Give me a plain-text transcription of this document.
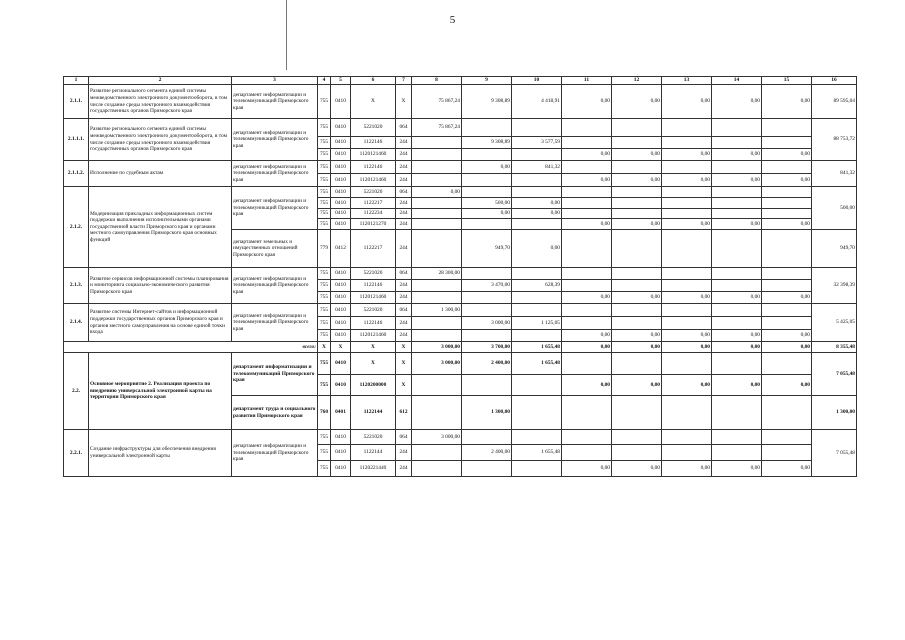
5
1	2	3	4	5	6	7	8	9	10	11	12	13	14	15	16
2.1.1.	Развитие регионального сегмента единой системы межведомственного электронного документооборота, в том числе создание среды электронного взаимодействия государственных органов Приморского края	департамент информатизации и телекоммуникаций Приморского края	755	0410	X	X	75 867,24	9 308,89	4 418,91	0,00	0,00	0,00	0,00	0,00	89 595,04
2.1.1.1.	Развитие регионального сегмента единой системы межведомственного электронного документооборота, в том числе создание среды электронного взаимодействия государственных органов Приморского края	департамент информатизации и телекоммуникаций Приморского края	755	0410	5221020	064	75 867,24								88 753,72
			755	0410	1122146	244		9 308,89	3 577,59						
			755	0410	1120121460	244				0,00	0,00	0,00	0,00	0,00	
2.1.1.2.	Исполнение по судебным актам	департамент информатизации и телекоммуникаций Приморского края	755	0410	1122146	244		0,00	841,32						841,32
			755	0410	1120121460	244				0,00	0,00	0,00	0,00	0,00	
2.1.2.	Модернизация прикладных информационных систем поддержки выполнения исполнительными органами государственной власти Приморского края и органами местного самоуправления Приморского края основных функций	департамент информатизации и телекоммуникаций Приморского края	755	0410	5221020	064	0,00								500,00
			755	0410	1122217	244		500,00	0,00						
			755	0410	1122234	244		0,00	0,00						
			755	0410	1120121270	244				0,00	0,00	0,00	0,00	0,00	
		департамент земельных и имущественных отношений Приморского края	779	0412	1122217	244		949,70	0,00						949,70
2.1.3.	Развитие сервисов информационной системы планирования и мониторинга социально-экономического развития Приморского края	департамент информатизации и телекоммуникаций Приморского края	755	0410	5221020	064	28 300,00								32 398,39
			755	0410	1122146	244		3 470,00	628,39						
			755	0410	1120121460	244				0,00	0,00	0,00	0,00	0,00	
2.1.4.	Развитие системы Интернет-сайтов и информационной поддержки государственных органов Приморского края и органов местного самоуправления на основе единой точки входа	департамент информатизации и телекоммуникаций Приморского края	755	0410	5221020	064	1 300,00								5 425,05
			755	0410	1122146	244		3 000,00	1 125,05						
			755	0410	1120121460	244				0,00	0,00	0,00	0,00	0,00	
всего:			X	X	X	X	3 000,00	3 700,00	1 655,48	0,00	0,00	0,00	0,00	0,00	8 355,48
2.2.	Основное мероприятие 2. Реализация проекта по внедрению универсальной электронной карты на территории Приморского края	департамент информатизации и телекоммуникаций Приморского края	755	0410	X	X	3 000,00	2 400,00	1 655,48						7 055,48
			755	0410	1120200000	X				0,00	0,00	0,00	0,00	0,00	
		департамент труда и социального развития Приморского края	760	0401	1122144	612		1 300,00							1 300,00
2.2.1.	Создание инфраструктуры для обеспечения внедрения универсальной электронной карты	департамент информатизации и телекоммуникаций Приморского края	755	0410	5221020	064	3 000,00								7 055,48
			755	0410	1122144	244		2 400,00	1 655,48						
			755	0410	1120221440	244				0,00	0,00	0,00	0,00	0,00	
